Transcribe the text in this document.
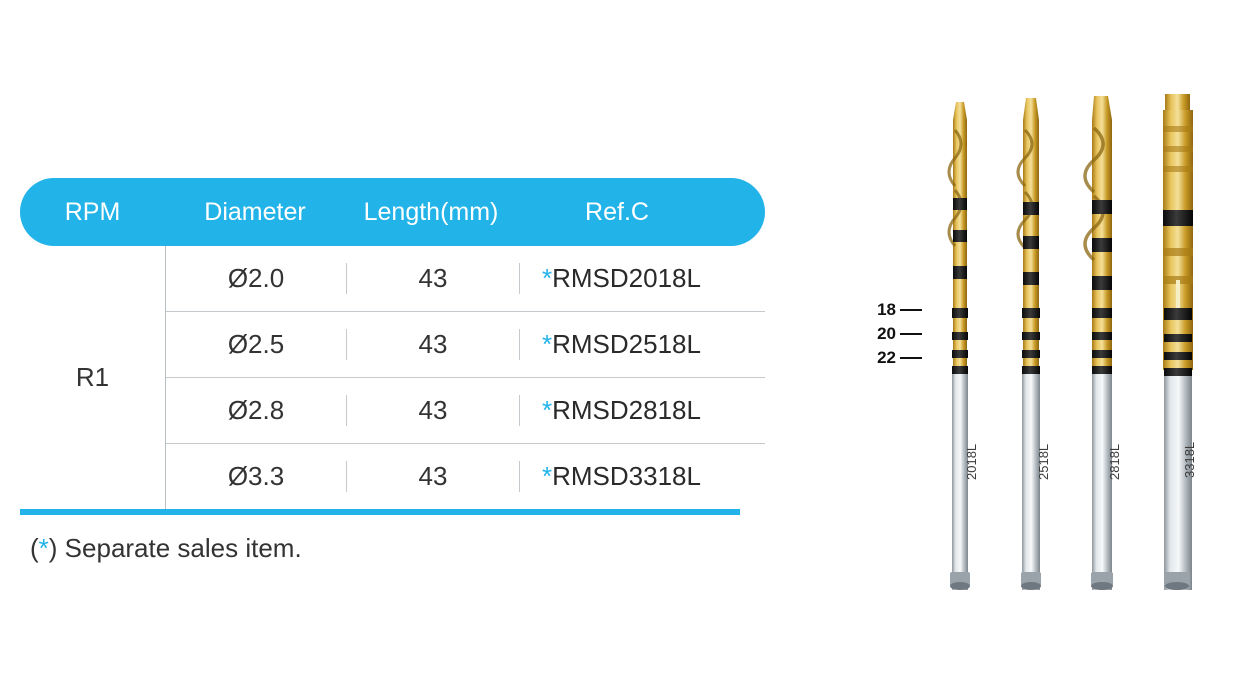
RPM	Diameter	Length(mm)	Ref.C
R1
Ø2.0	43	*RMSD2018L
Ø2.5	43	*RMSD2518L
Ø2.8	43	*RMSD2818L
Ø3.3	43	*RMSD3318L
(*) Separate sales item.
18
20
22
2018L	2518L	2818L	3318L
